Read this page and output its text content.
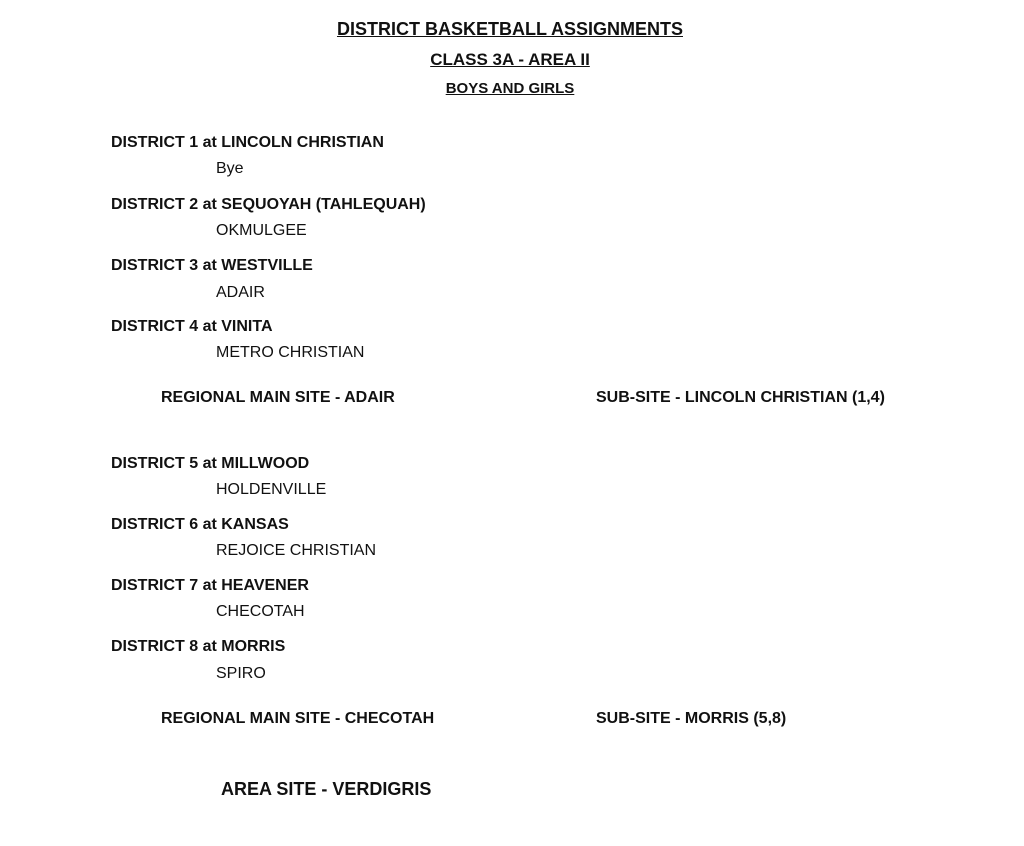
DISTRICT BASKETBALL ASSIGNMENTS
CLASS 3A - AREA II
BOYS AND GIRLS
DISTRICT 1 at LINCOLN CHRISTIAN
Bye
DISTRICT 2 at SEQUOYAH (TAHLEQUAH)
OKMULGEE
DISTRICT 3 at WESTVILLE
ADAIR
DISTRICT 4 at VINITA
METRO CHRISTIAN
REGIONAL MAIN SITE - ADAIR	SUB-SITE - LINCOLN CHRISTIAN (1,4)
DISTRICT 5 at MILLWOOD
HOLDENVILLE
DISTRICT 6 at KANSAS
REJOICE CHRISTIAN
DISTRICT 7 at HEAVENER
CHECOTAH
DISTRICT 8 at MORRIS
SPIRO
REGIONAL MAIN SITE - CHECOTAH	SUB-SITE - MORRIS (5,8)
AREA SITE - VERDIGRIS
